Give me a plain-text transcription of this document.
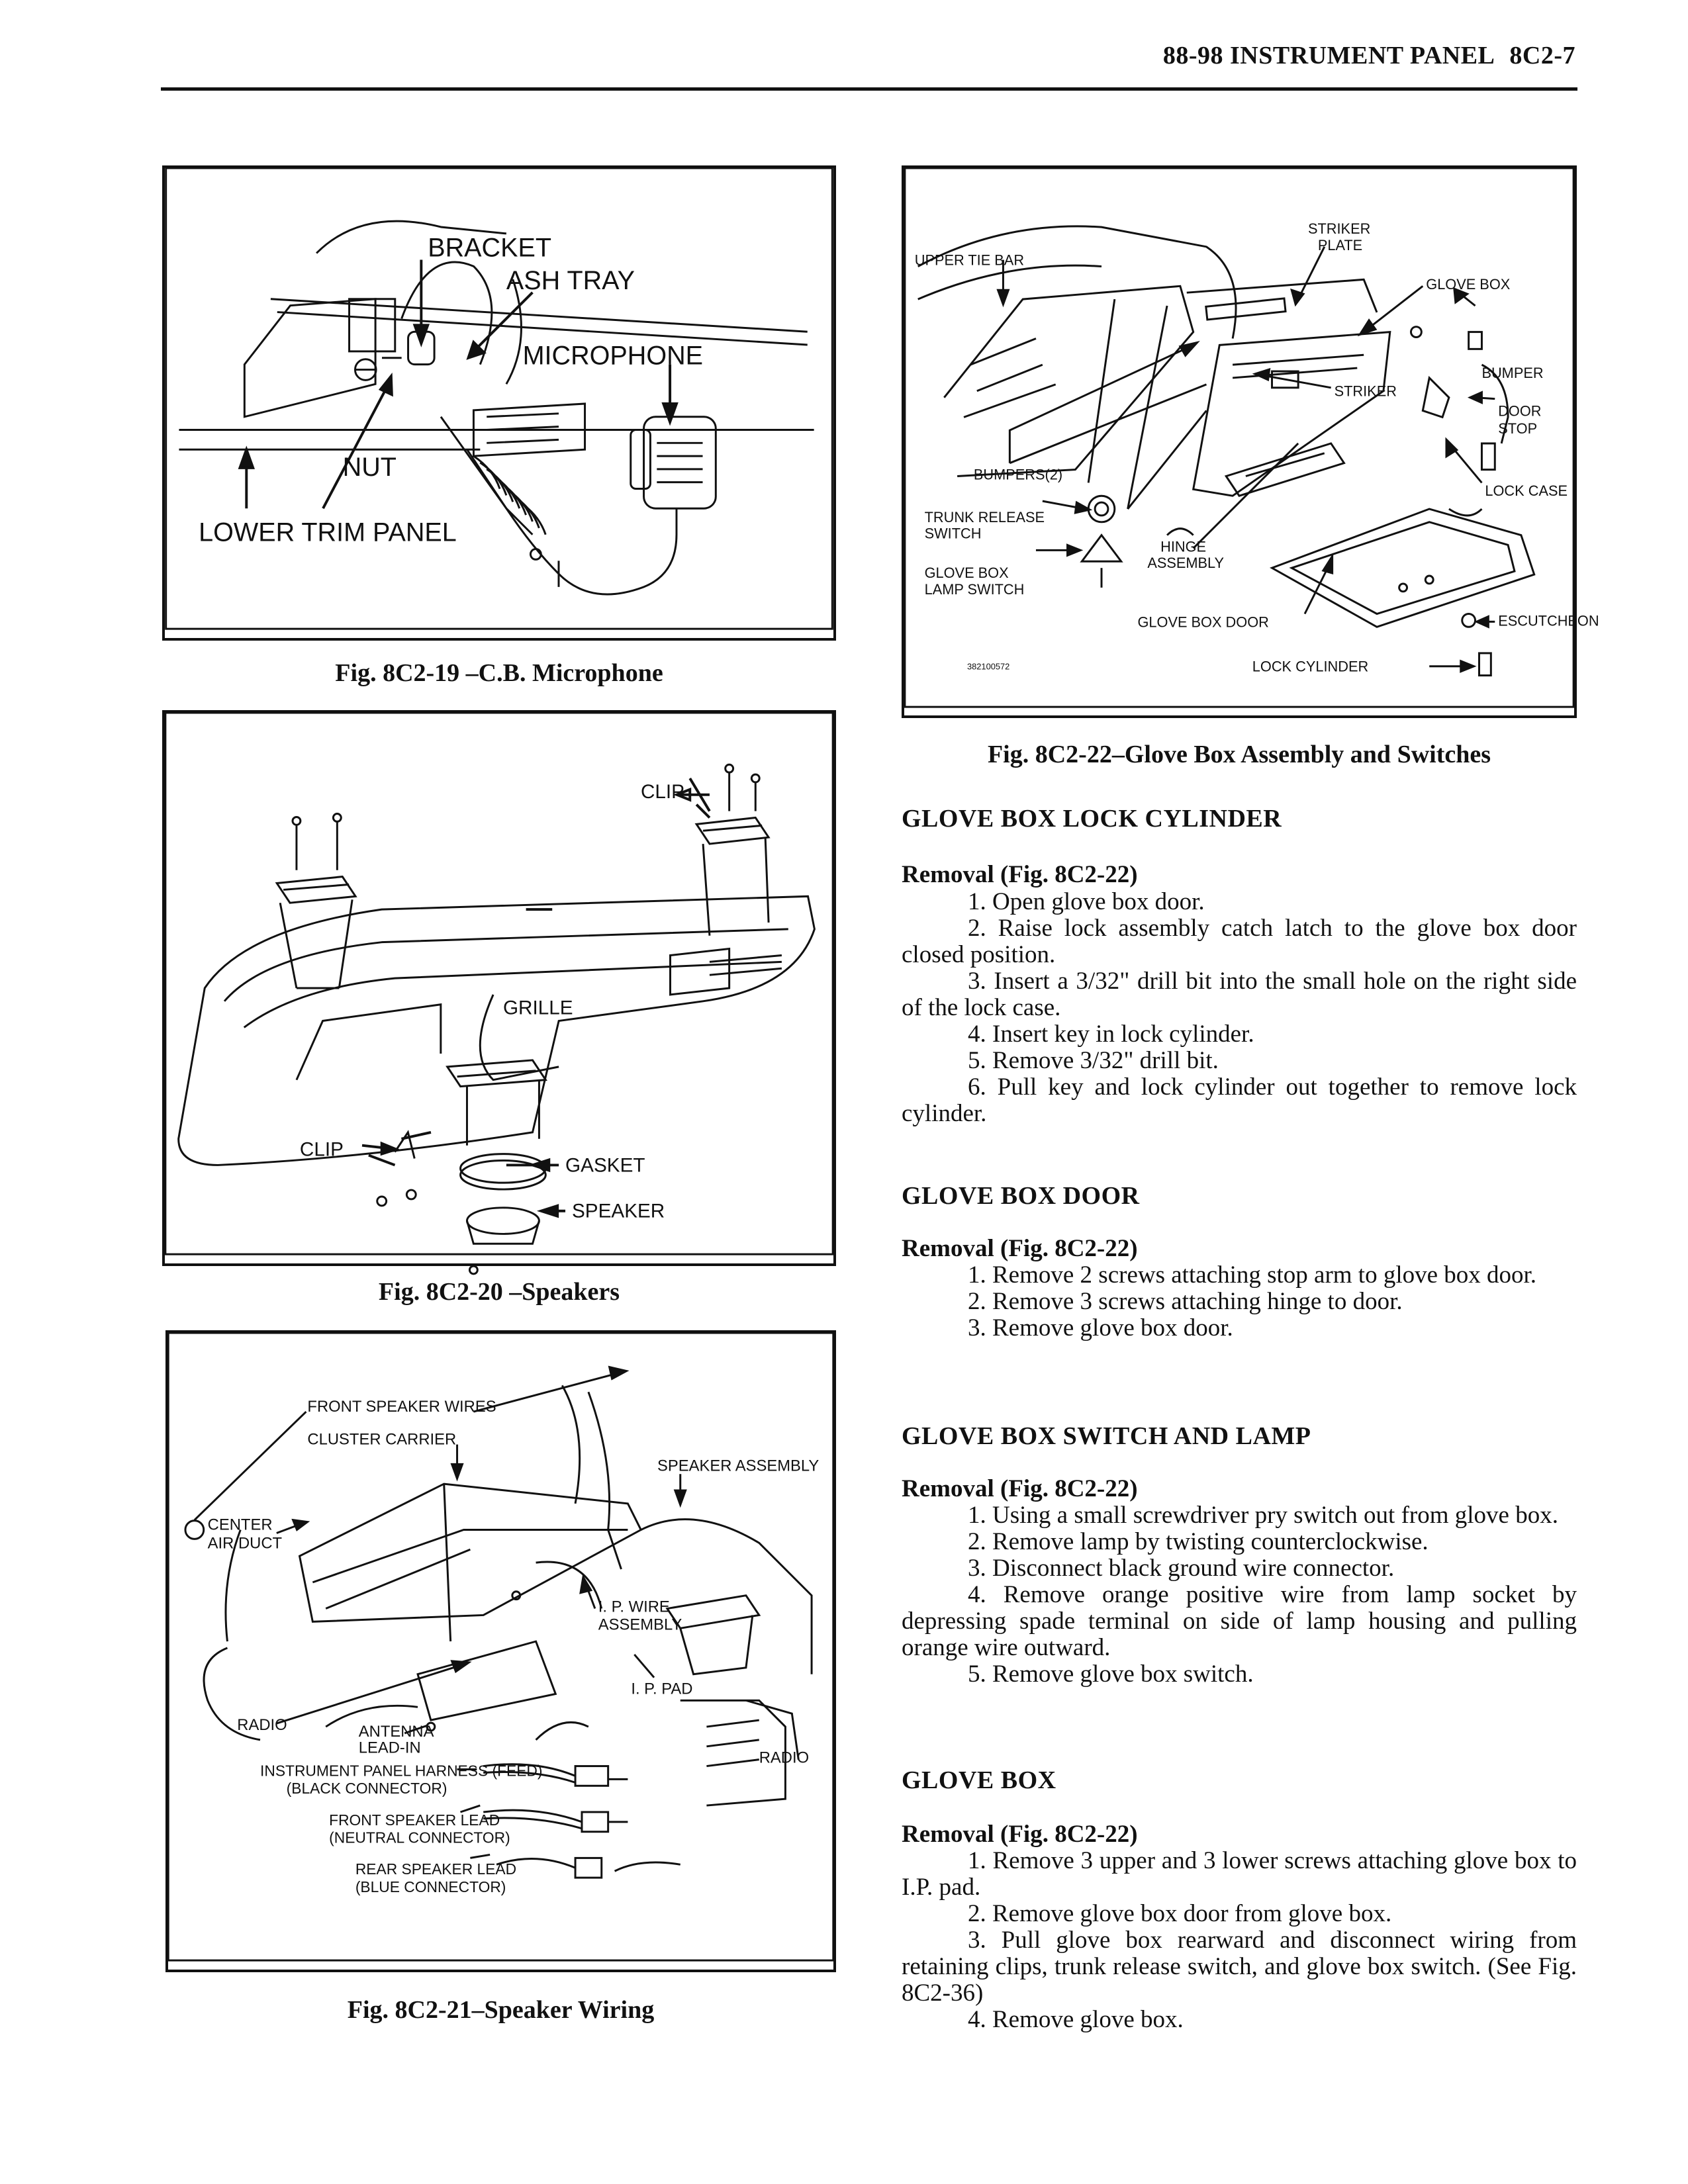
88-98 INSTRUMENT PANEL 8C2-7
BRACKET
ASH TRAY
MICROPHONE
NUT
LOWER TRIM PANEL
Fig. 8C2-19 –C.B. Microphone
CLIP
GRILLE
CLIP
GASKET
SPEAKER
Fig. 8C2-20 –Speakers
FRONT SPEAKER WIRES
CLUSTER CARRIER
SPEAKER ASSEMBLY
CENTER
AIR DUCT
I. P. WIRE
ASSEMBLY
I. P. PAD
RADIO	ANTENNA
LEAD-IN
RADIO
INSTRUMENT PANEL HARNESS (FEED)
(BLACK CONNECTOR)
FRONT SPEAKER LEAD
(NEUTRAL CONNECTOR)
REAR SPEAKER LEAD
(BLUE CONNECTOR)
Fig. 8C2-21–Speaker Wiring
UPPER TIE BAR
STRIKER
PLATE
GLOVE BOX
BUMPER
STRIKER
DOOR
STOP
BUMPERS(2)
LOCK CASE
TRUNK RELEASE
SWITCH
HINGE
ASSEMBLY
GLOVE BOX
LAMP SWITCH
GLOVE BOX DOOR	ESCUTCHEON
382100572	LOCK CYLINDER
Fig. 8C2-22–Glove Box Assembly and Switches
GLOVE BOX LOCK CYLINDER
Removal (Fig. 8C2-22)
1. Open glove box door.
2. Raise lock assembly catch latch to the glove box door closed position.
3. Insert a 3/32" drill bit into the small hole on the right side of the lock case.
4. Insert key in lock cylinder.
5. Remove 3/32" drill bit.
6. Pull key and lock cylinder out together to remove lock cylinder.
GLOVE BOX DOOR
Removal (Fig. 8C2-22)
1. Remove 2 screws attaching stop arm to glove box door.
2. Remove 3 screws attaching hinge to door.
3. Remove glove box door.
GLOVE BOX SWITCH AND LAMP
Removal (Fig. 8C2-22)
1. Using a small screwdriver pry switch out from glove box.
2. Remove lamp by twisting counterclockwise.
3. Disconnect black ground wire connector.
4. Remove orange positive wire from lamp socket by depressing spade terminal on side of lamp housing and pulling orange wire outward.
5. Remove glove box switch.
GLOVE BOX
Removal (Fig. 8C2-22)
1. Remove 3 upper and 3 lower screws attaching glove box to I.P. pad.
2. Remove glove box door from glove box.
3. Pull glove box rearward and disconnect wiring from retaining clips, trunk release switch, and glove box switch. (See Fig. 8C2-36)
4. Remove glove box.
